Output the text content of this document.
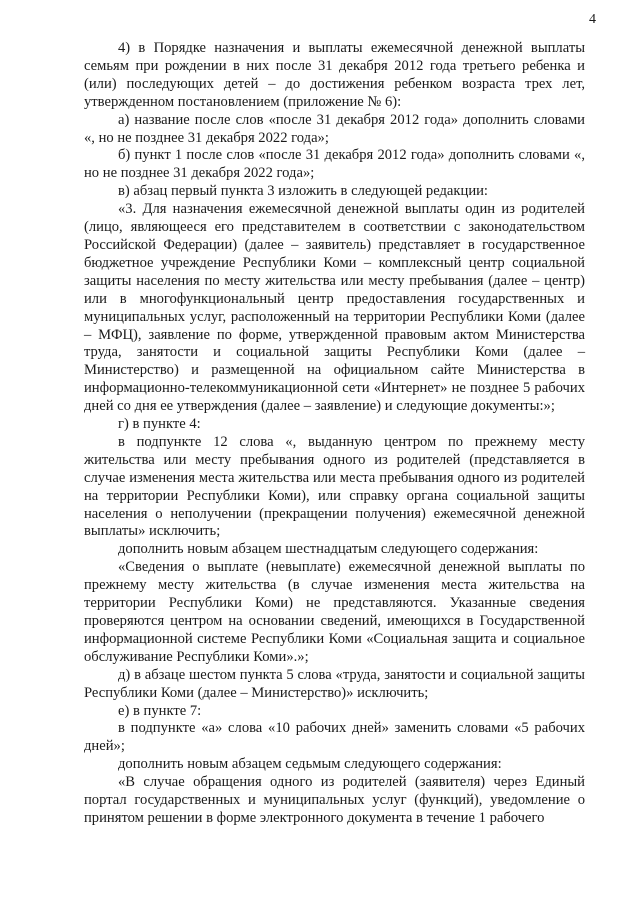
4

4) в Порядке назначения и выплаты ежемесячной денежной выплаты семьям при рождении в них после 31 декабря 2012 года третьего ребенка и (или) последующих детей – до достижения ребенком возраста трех лет, утвержденном постановлением (приложение № 6):

а) название после слов «после 31 декабря 2012 года» дополнить словами «, но не позднее 31 декабря 2022 года»;

б) пункт 1 после слов «после 31 декабря 2012 года» дополнить словами «, но не позднее 31 декабря 2022 года»;

в) абзац первый пункта 3 изложить в следующей редакции:

«3. Для назначения ежемесячной денежной выплаты один из родителей (лицо, являющееся его представителем в соответствии с законодательством Российской Федерации) (далее – заявитель) представляет в государственное бюджетное учреждение Республики Коми – комплексный центр социальной защиты населения по месту жительства или месту пребывания (далее – центр) или в многофункциональный центр предоставления государственных и муниципальных услуг, расположенный на территории Республики Коми (далее – МФЦ), заявление по форме, утвержденной правовым актом Министерства труда, занятости и социальной защиты Республики Коми (далее – Министерство) и размещенной на официальном сайте Министерства в информационно-телекоммуникационной сети «Интернет» не позднее 5 рабочих дней со дня ее утверждения (далее – заявление) и следующие документы:»;

г) в пункте 4:

в подпункте 12 слова «, выданную центром по прежнему месту жительства или месту пребывания одного из родителей (представляется в случае изменения места жительства или места пребывания одного из родителей на территории Республики Коми), или справку органа социальной защиты населения о неполучении (прекращении получения) ежемесячной денежной выплаты» исключить;

дополнить новым абзацем шестнадцатым следующего содержания:

«Сведения о выплате (невыплате) ежемесячной денежной выплаты по прежнему месту жительства (в случае изменения места жительства на территории Республики Коми) не представляются. Указанные сведения проверяются центром на основании сведений, имеющихся в Государственной информационной системе Республики Коми «Социальная защита и социальное обслуживание Республики Коми».»;

д) в абзаце шестом пункта 5 слова «труда, занятости и социальной защиты Республики Коми (далее – Министерство)» исключить;

е) в пункте 7:

в подпункте «а» слова «10 рабочих дней» заменить словами «5 рабочих дней»;

дополнить новым абзацем седьмым следующего содержания:

«В случае обращения одного из родителей (заявителя) через Единый портал государственных и муниципальных услуг (функций), уведомление о принятом решении в форме электронного документа в течение 1 рабочего
